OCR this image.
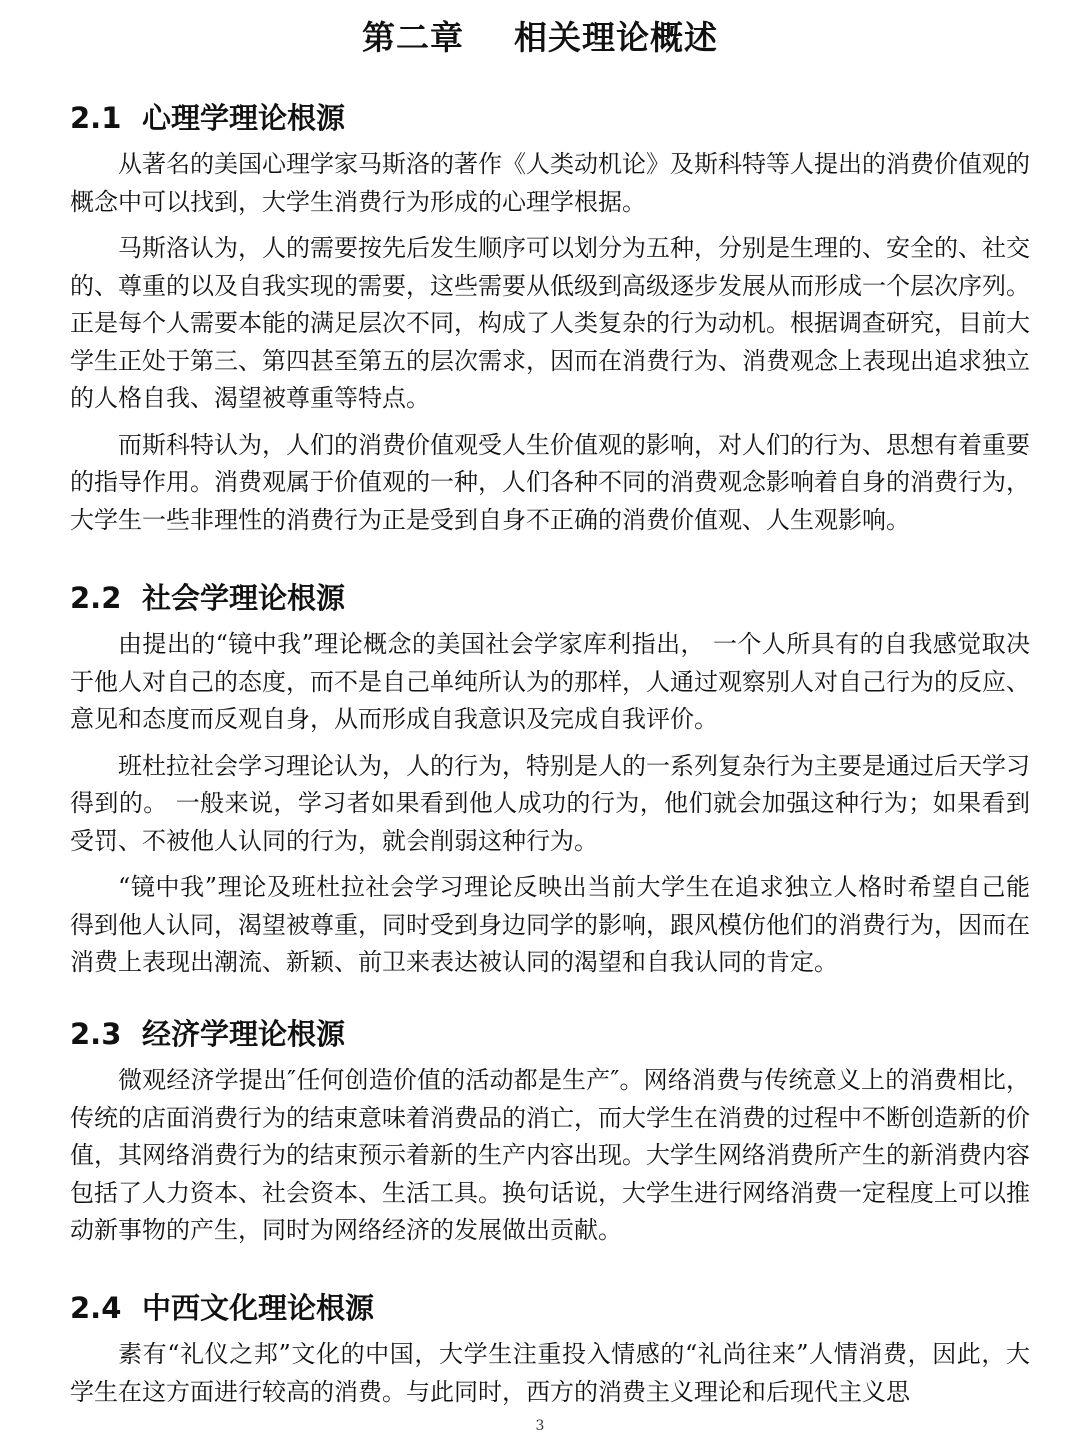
第二章    相关理论概述
2.1 心理学理论根源

从著名的美国心理学家马斯洛的著作《人类动机论》及斯科特等人提出的消费价值观的概念中可以找到，大学生消费行为形成的心理学根据。

马斯洛认为，人的需要按先后发生顺序可以划分为五种，分别是生理的、安全的、社交的、尊重的以及自我实现的需要，这些需要从低级到高级逐步发展从而形成一个层次序列。正是每个人需要本能的满足层次不同，构成了人类复杂的行为动机。根据调查研究，目前大学生正处于第三、第四甚至第五的层次需求，因而在消费行为、消费观念上表现出追求独立的人格自我、渴望被尊重等特点。

而斯科特认为，人们的消费价值观受人生价值观的影响，对人们的行为、思想有着重要的指导作用。消费观属于价值观的一种，人们各种不同的消费观念影响着自身的消费行为，大学生一些非理性的消费行为正是受到自身不正确的消费价值观、人生观影响。

2.2 社会学理论根源

由提出的“镜中我”理论概念的美国社会学家库利指出， 一个人所具有的自我感觉取决于他人对自己的态度，而不是自己单纯所认为的那样，人通过观察别人对自己行为的反应、意见和态度而反观自身，从而形成自我意识及完成自我评价。

班杜拉社会学习理论认为，人的行为，特别是人的一系列复杂行为主要是通过后天学习得到的。 一般来说，学习者如果看到他人成功的行为，他们就会加强这种行为；如果看到受罚、不被他人认同的行为，就会削弱这种行为。

“镜中我”理论及班杜拉社会学习理论反映出当前大学生在追求独立人格时希望自己能得到他人认同，渴望被尊重，同时受到身边同学的影响，跟风模仿他们的消费行为，因而在消费上表现出潮流、新颖、前卫来表达被认同的渴望和自我认同的肯定。

2.3 经济学理论根源

微观经济学提出″任何创造价值的活动都是生产″。网络消费与传统意义上的消费相比，传统的店面消费行为的结束意味着消费品的消亡，而大学生在消费的过程中不断创造新的价值，其网络消费行为的结束预示着新的生产内容出现。大学生网络消费所产生的新消费内容包括了人力资本、社会资本、生活工具。换句话说，大学生进行网络消费一定程度上可以推动新事物的产生，同时为网络经济的发展做出贡献。

2.4 中西文化理论根源

素有“礼仪之邦”文化的中国，大学生注重投入情感的“礼尚往来”人情消费，因此，大学生在这方面进行较高的消费。与此同时，西方的消费主义理论和后现代主义思

3
